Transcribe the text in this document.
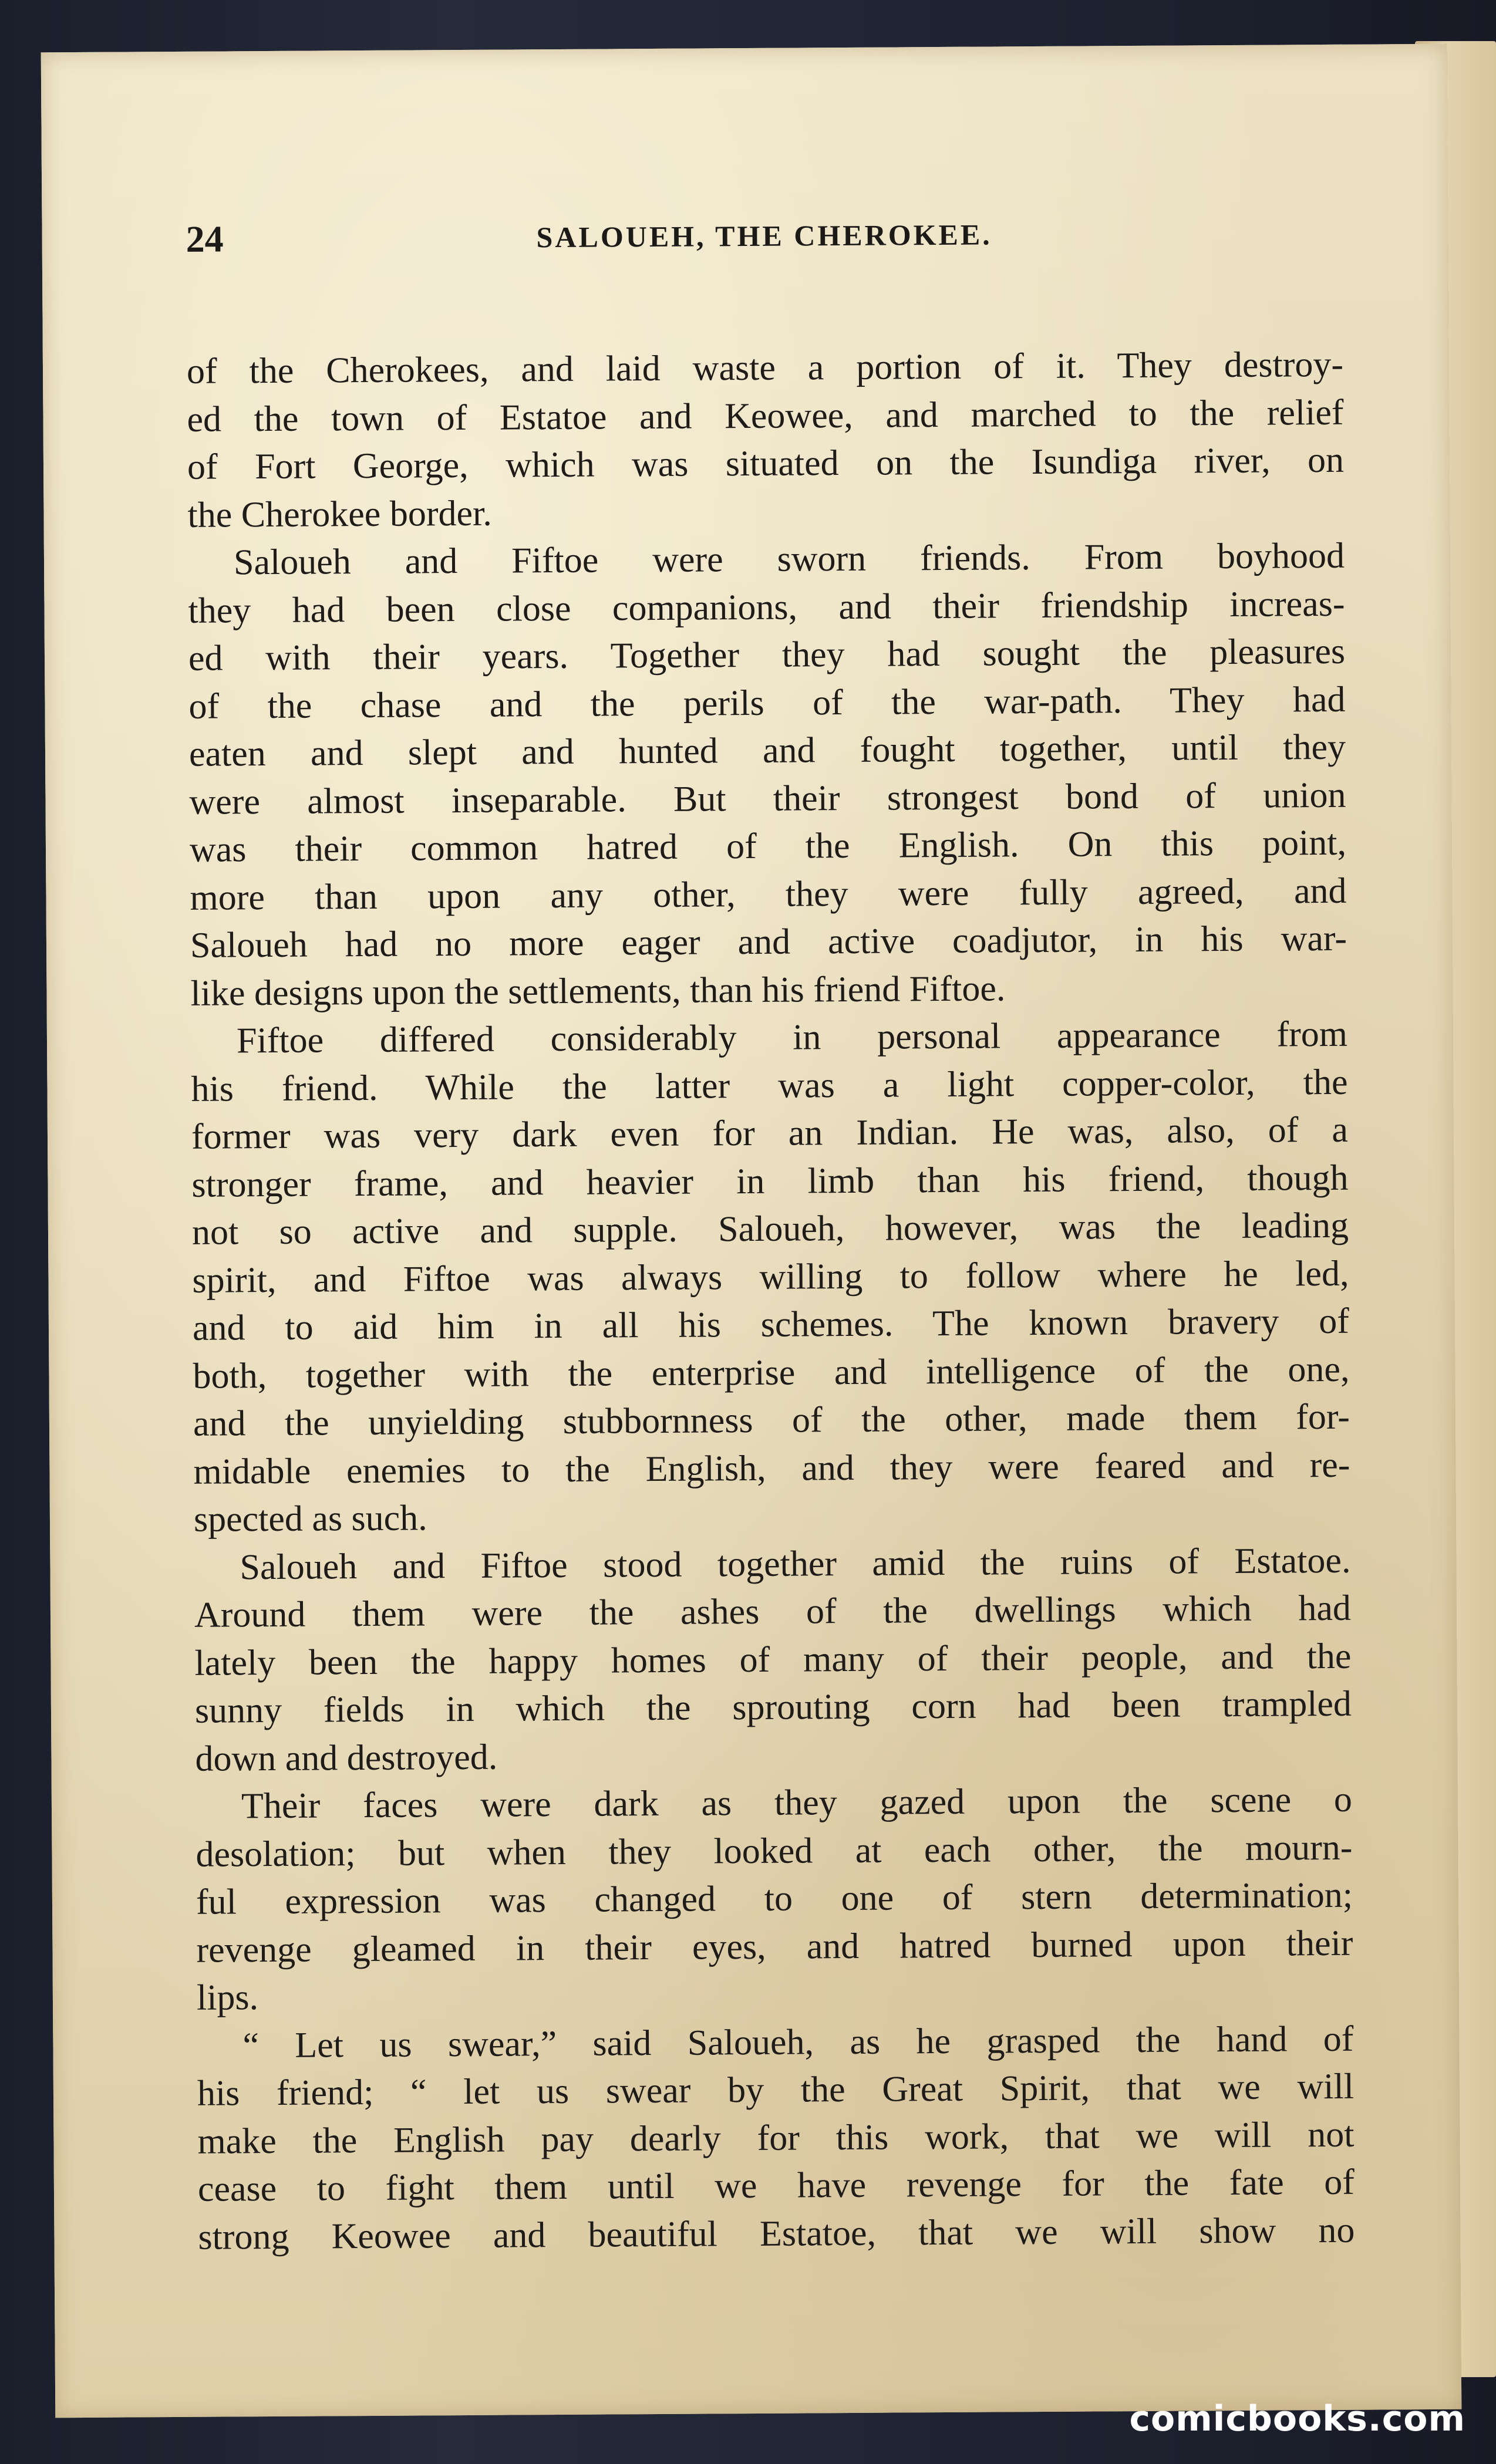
24	SALOUEH, THE CHEROKEE.
of the Cherokees, and laid waste a portion of it. They destroy-
ed the town of Estatoe and Keowee, and marched to the relief
of Fort George, which was situated on the Isundiga river, on
the Cherokee border.
Saloueh and Fiftoe were sworn friends. From boyhood
they had been close companions, and their friendship increas-
ed with their years. Together they had sought the pleasures
of the chase and the perils of the war-path. They had
eaten and slept and hunted and fought together, until they
were almost inseparable. But their strongest bond of union
was their common hatred of the English. On this point,
more than upon any other, they were fully agreed, and
Saloueh had no more eager and active coadjutor, in his war-
like designs upon the settlements, than his friend Fiftoe.
Fiftoe differed considerably in personal appearance from
his friend. While the latter was a light copper-color, the
former was very dark even for an Indian. He was, also, of a
stronger frame, and heavier in limb than his friend, though
not so active and supple. Saloueh, however, was the leading
spirit, and Fiftoe was always willing to follow where he led,
and to aid him in all his schemes. The known bravery of
both, together with the enterprise and intelligence of the one,
and the unyielding stubbornness of the other, made them for-
midable enemies to the English, and they were feared and re-
spected as such.
Saloueh and Fiftoe stood together amid the ruins of Estatoe.
Around them were the ashes of the dwellings which had
lately been the happy homes of many of their people, and the
sunny fields in which the sprouting corn had been trampled
down and destroyed.
Their faces were dark as they gazed upon the scene o
desolation; but when they looked at each other, the mourn-
ful expression was changed to one of stern determination;
revenge gleamed in their eyes, and hatred burned upon their
lips.
“ Let us swear,” said Saloueh, as he grasped the hand of
his friend; “ let us swear by the Great Spirit, that we will
make the English pay dearly for this work, that we will not
cease to fight them until we have revenge for the fate of
strong Keowee and beautiful Estatoe, that we will show no
comicbooks.com
